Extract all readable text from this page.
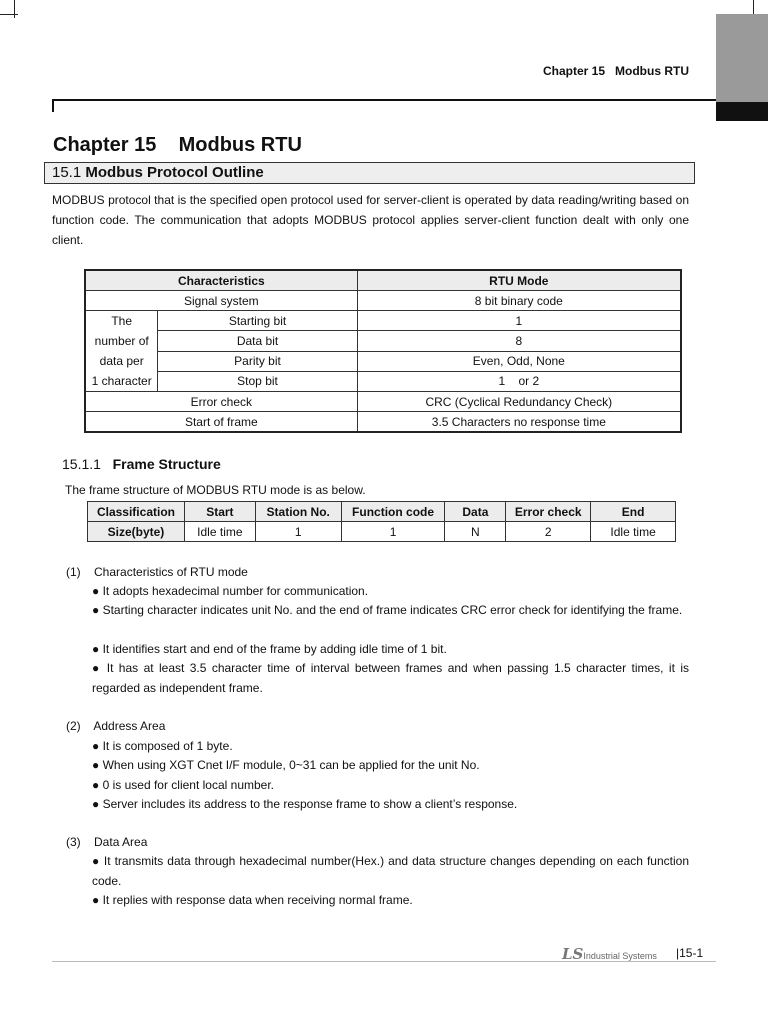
Chapter 15   Modbus RTU
Chapter 15    Modbus RTU
15.1 Modbus Protocol Outline
MODBUS protocol that is the specified open protocol used for server-client is operated by data reading/writing based on function code. The communication that adopts MODBUS protocol applies server-client function dealt with only one client.
Characteristics		RTU Mode
Signal system		8 bit binary code

The
number of
data per
1 character	Starting bit	1
	Data bit	8
	Parity bit	Even, Odd, None
	Stop bit	1    or 2
Error check		CRC (Cyclical Redundancy Check)
Start of frame		3.5 Characters no response time
15.1.1 Frame Structure
The frame structure of MODBUS RTU mode is as below.
Classification	Start	Station No.	Function code	Data	Error check	End
Size(byte)	Idle time	1	1	N	2	Idle time
(1) Characteristics of RTU mode
● It adopts hexadecimal number for communication.
● Starting character indicates unit No. and the end of frame indicates CRC error check for identifying the frame.
● It identifies start and end of the frame by adding idle time of 1 bit.
● It has at least 3.5 character time of interval between frames and when passing 1.5 character times, it is regarded as independent frame.
(2) Address Area
● It is composed of 1 byte.
● When using XGT Cnet I/F module, 0~31 can be applied for the unit No.
● 0 is used for client local number.
● Server includes its address to the response frame to show a client’s response.
(3) Data Area
● It transmits data through hexadecimal number(Hex.) and data structure changes depending on each function code.
● It replies with response data when receiving normal frame.
LSIndustrial Systems |15-1
